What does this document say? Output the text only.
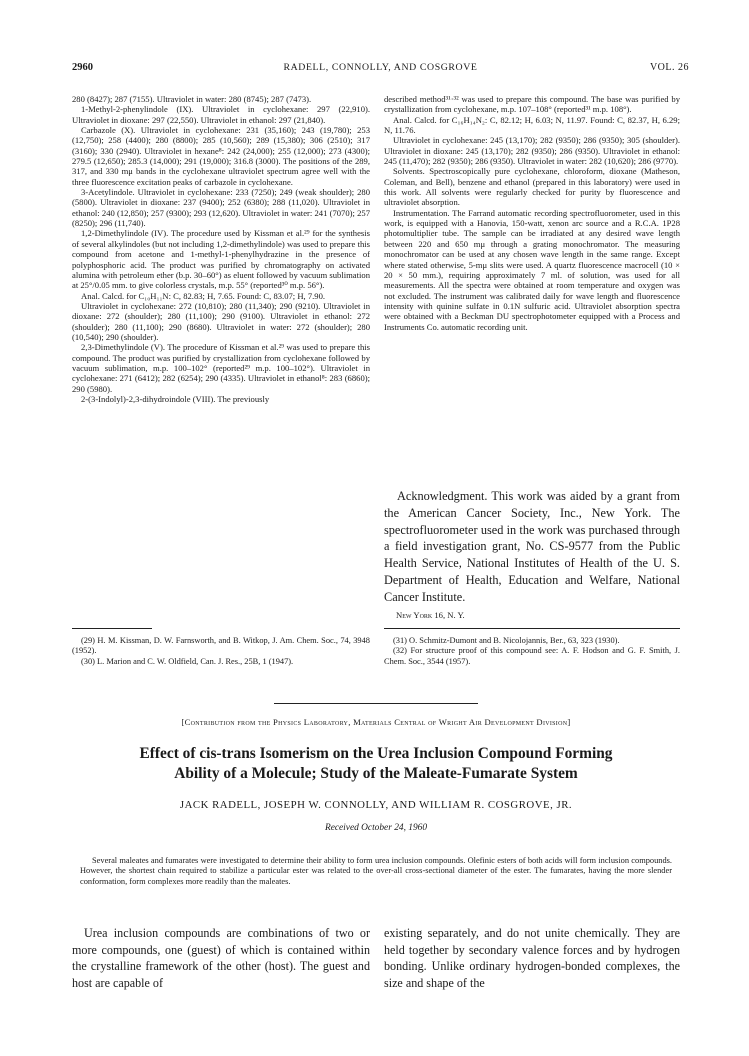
2960	RADELL, CONNOLLY, AND COSGROVE	VOL. 26

280 (8427); 287 (7155). Ultraviolet in water: 280 (8745); 287 (7473).

1-Methyl-2-phenylindole (IX). Ultraviolet in cyclohexane: 297 (22,910). Ultraviolet in dioxane: 297 (22,550). Ultraviolet in ethanol: 297 (21,840).

Carbazole (X). Ultraviolet in cyclohexane: 231 (35,160); 243 (19,780); 253 (12,750); 258 (4400); 280 (8800); 285 (10,560); 289 (15,380); 306 (2510); 317 (3160); 330 (2940). Ultraviolet in hexane⁸: 242 (24,000); 255 (12,000); 273 (4300); 279.5 (12,650); 285.3 (14,000); 291 (19,000); 316.8 (3000). The positions of the 289, 317, and 330 mμ bands in the cyclohexane ultraviolet spectrum agree well with the three fluorescence excitation peaks of carbazole in cyclohexane.

3-Acetylindole. Ultraviolet in cyclohexane: 233 (7250); 249 (weak shoulder); 280 (5800). Ultraviolet in dioxane: 237 (9400); 252 (6380); 288 (11,020). Ultraviolet in ethanol: 240 (12,850); 257 (9300); 293 (12,620). Ultraviolet in water: 241 (7070); 257 (8250); 296 (11,740).

1,2-Dimethylindole (IV). The procedure used by Kissman et al.²⁹ for the synthesis of several alkylindoles (but not including 1,2-dimethylindole) was used to prepare this compound from acetone and 1-methyl-1-phenylhydrazine in the presence of polyphosphoric acid. The product was purified by chromatography on activated alumina with petroleum ether (b.p. 30–60°) as eluent followed by vacuum sublimation at 25°/0.05 mm. to give colorless crystals, m.p. 55° (reported³⁰ m.p. 56°).

Anal. Calcd. for C₁₀H₁₁N: C, 82.83; H, 7.65. Found: C, 83.07; H, 7.90.

Ultraviolet in cyclohexane: 272 (10,810); 280 (11,340); 290 (9210). Ultraviolet in dioxane: 272 (shoulder); 280 (11,100); 290 (9100). Ultraviolet in ethanol: 272 (shoulder); 280 (11,100); 290 (8680). Ultraviolet in water: 272 (shoulder); 280 (10,540); 290 (shoulder).

2,3-Dimethylindole (V). The procedure of Kissman et al.²⁹ was used to prepare this compound. The product was purified by crystallization from cyclohexane followed by vacuum sublimation, m.p. 100–102° (reported²⁹ m.p. 100–102°). Ultraviolet in cyclohexane: 271 (6412); 282 (6254); 290 (4335). Ultraviolet in ethanol⁸: 283 (6860); 290 (5980).

2-(3-Indolyl)-2,3-dihydroindole (VIII). The previously

described method³¹·³² was used to prepare this compound. The base was purified by crystallization from cyclohexane, m.p. 107–108° (reported³¹ m.p. 108°).

Anal. Calcd. for C₁₆H₁₄N₂: C, 82.12; H, 6.03; N, 11.97. Found: C, 82.37, H, 6.29; N, 11.76.

Ultraviolet in cyclohexane: 245 (13,170); 282 (9350); 286 (9350); 305 (shoulder). Ultraviolet in dioxane: 245 (13,170); 282 (9350); 286 (9350). Ultraviolet in ethanol: 245 (11,470); 282 (9350); 286 (9350). Ultraviolet in water: 282 (10,620); 286 (9770).

Solvents. Spectroscopically pure cyclohexane, chloroform, dioxane (Matheson, Coleman, and Bell), benzene and ethanol (prepared in this laboratory) were used in this work. All solvents were regularly checked for purity by fluorescence and ultraviolet absorption.

Instrumentation. The Farrand automatic recording spectrofluorometer, used in this work, is equipped with a Hanovia, 150-watt, xenon arc source and a R.C.A. 1P28 photomultiplier tube. The sample can be irradiated at any desired wave length between 220 and 650 mμ through a grating monochromator. The measuring monochromator can be used at any chosen wave length in the same range. Except where stated otherwise, 5-mμ slits were used. A quartz fluorescence macrocell (10 × 20 × 50 mm.), requiring approximately 7 ml. of solution, was used for all measurements. All the spectra were obtained at room temperature and oxygen was not excluded. The instrument was calibrated daily for wave length and fluorescence intensity with quinine sulfate in 0.1N sulfuric acid. Ultraviolet absorption spectra were obtained with a Beckman DU spectrophotometer equipped with a Process and Instruments Co. automatic recording unit.

Acknowledgment. This work was aided by a grant from the American Cancer Society, Inc., New York. The spectrofluorometer used in the work was purchased through a field investigation grant, No. CS-9577 from the Public Health Service, National Institutes of Health of the U. S. Department of Health, Education and Welfare, National Cancer Institute.

New York 16, N. Y.

(29) H. M. Kissman, D. W. Farnsworth, and B. Witkop, J. Am. Chem. Soc., 74, 3948 (1952).

(30) L. Marion and C. W. Oldfield, Can. J. Res., 25B, 1 (1947).

(31) O. Schmitz-Dumont and B. Nicolojannis, Ber., 63, 323 (1930).

(32) For structure proof of this compound see: A. F. Hodson and G. F. Smith, J. Chem. Soc., 3544 (1957).

[Contribution from the Physics Laboratory, Materials Central of Wright Air Development Division]
Effect of cis-trans Isomerism on the Urea Inclusion Compound Forming
Ability of a Molecule; Study of the Maleate-Fumarate System
JACK RADELL, JOSEPH W. CONNOLLY, AND WILLIAM R. COSGROVE, JR.
Received October 24, 1960

Several maleates and fumarates were investigated to determine their ability to form urea inclusion compounds. Olefinic esters of both acids will form inclusion compounds. However, the shortest chain required to stabilize a particular ester was related to the over-all cross-sectional diameter of the ester. The fumarates, having the more slender conformation, form complexes more readily than the maleates.

Urea inclusion compounds are combinations of two or more compounds, one (guest) of which is contained within the crystalline framework of the other (host). The guest and host are capable of

existing separately, and do not unite chemically. They are held together by secondary valence forces and by hydrogen bonding. Unlike ordinary hydrogen-bonded complexes, the size and shape of the
